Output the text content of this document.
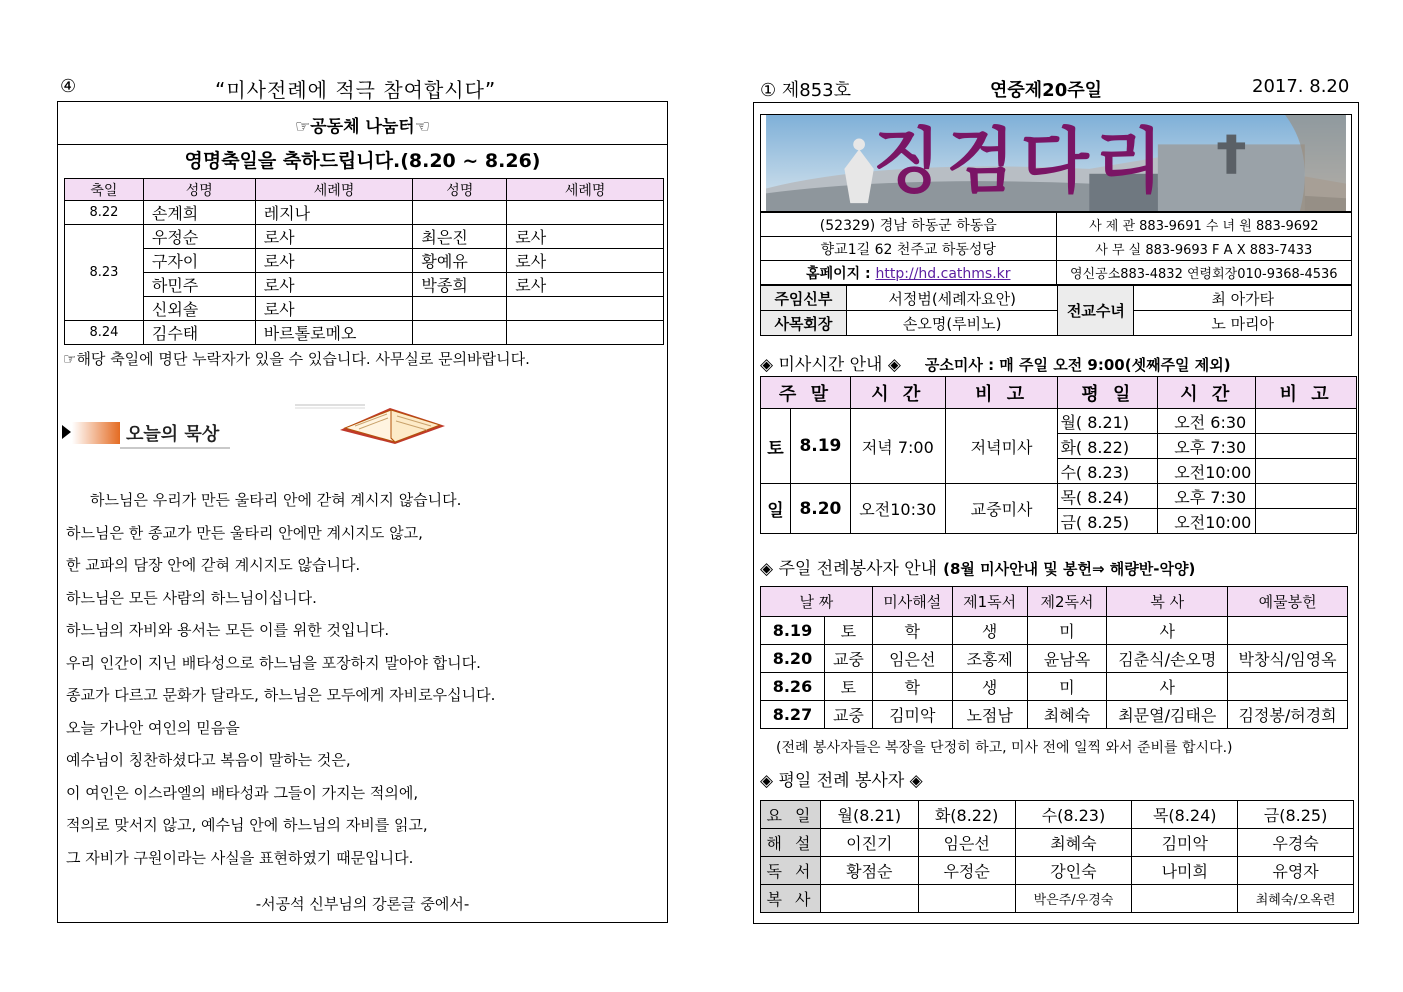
④	“미사전례에 적극 참여합시다”
☞공동체 나눔터☜
영명축일을 축하드립니다.(8.20 ~ 8.26)
축일	성명	세례명	성명	세례명
8.22	손계희	레지나		
8.23	우정순	로사	최은진	로사
	구자이	로사	황예유	로사
	하민주	로사	박종희	로사
	신외솔	로사		
8.24	김수태	바르톨로메오		
☞해당 축일에 명단 누락자가 있을 수 있습니다. 사무실로 문의바랍니다.
오늘의 묵상
하느님은 우리가 만든 울타리 안에 갇혀 계시지 않습니다.
하느님은 한 종교가 만든 울타리 안에만 계시지도 않고,
한 교파의 담장 안에 갇혀 계시지도 않습니다.
하느님은 모든 사람의 하느님이십니다.
하느님의 자비와 용서는 모든 이를 위한 것입니다.
우리 인간이 지닌 배타성으로 하느님을 포장하지 말아야 합니다.
종교가 다르고 문화가 달라도, 하느님은 모두에게 자비로우십니다.
오늘 가나안 여인의 믿음을
예수님이 칭찬하셨다고 복음이 말하는 것은,
이 여인은 이스라엘의 배타성과 그들이 가지는 적의에,
적의로 맞서지 않고, 예수님 안에 하느님의 자비를 읽고,
그 자비가 구원이라는 사실을 표현하였기 때문입니다.
-서공석 신부님의 강론글 중에서-
① 제853호	연중제20주일	2017. 8.20
징검다리
(52329) 경남 하동군 하동읍	사 제 관 883-9691 수 녀 원 883-9692
향교1길 62 천주교 하동성당	사 무 실 883-9693 F A X 883-7433
홈페이지 : http://hd.cathms.kr	영신공소883-4832 연령회장010-9368-4536
주임신부	서정범(세례자요안)	전교수녀	최 아가타
사목회장	손오명(루비노)		노 마리아
◈ 미사시간 안내 ◈ 공소미사 : 매 주일 오전 9:00(셋째주일 제외)
주 말		시 간	비 고	평 일	시 간	비 고
토	8.19	저녁 7:00	저녁미사	월( 8.21)	오전 6:30	
				화( 8.22)	오후 7:30	
				수( 8.23)	오전10:00	
일	8.20	오전10:30	교중미사	목( 8.24)	오후 7:30	
				금( 8.25)	오전10:00	
◈ 주일 전례봉사자 안내 (8월 미사안내 및 봉헌⇒ 해량반-악양)
날 짜		미사해설	제1독서	제2독서	복 사	예물봉헌
8.19	토	학	생	미	사	
8.20	교중	임은선	조홍제	윤남옥	김춘식/손오명	박창식/임영옥
8.26	토	학	생	미	사	
8.27	교중	김미악	노점남	최혜숙	최문열/김태은	김정봉/허경희
(전례 봉사자들은 복장을 단정히 하고, 미사 전에 일찍 와서 준비를 합시다.)
◈ 평일 전례 봉사자 ◈
요 일	월(8.21)	화(8.22)	수(8.23)	목(8.24)	금(8.25)
해 설	이진기	임은선	최혜숙	김미악	우경숙
독 서	황점순	우정순	강인숙	나미희	유영자
복 사			박은주/우경숙		최혜숙/오옥련
